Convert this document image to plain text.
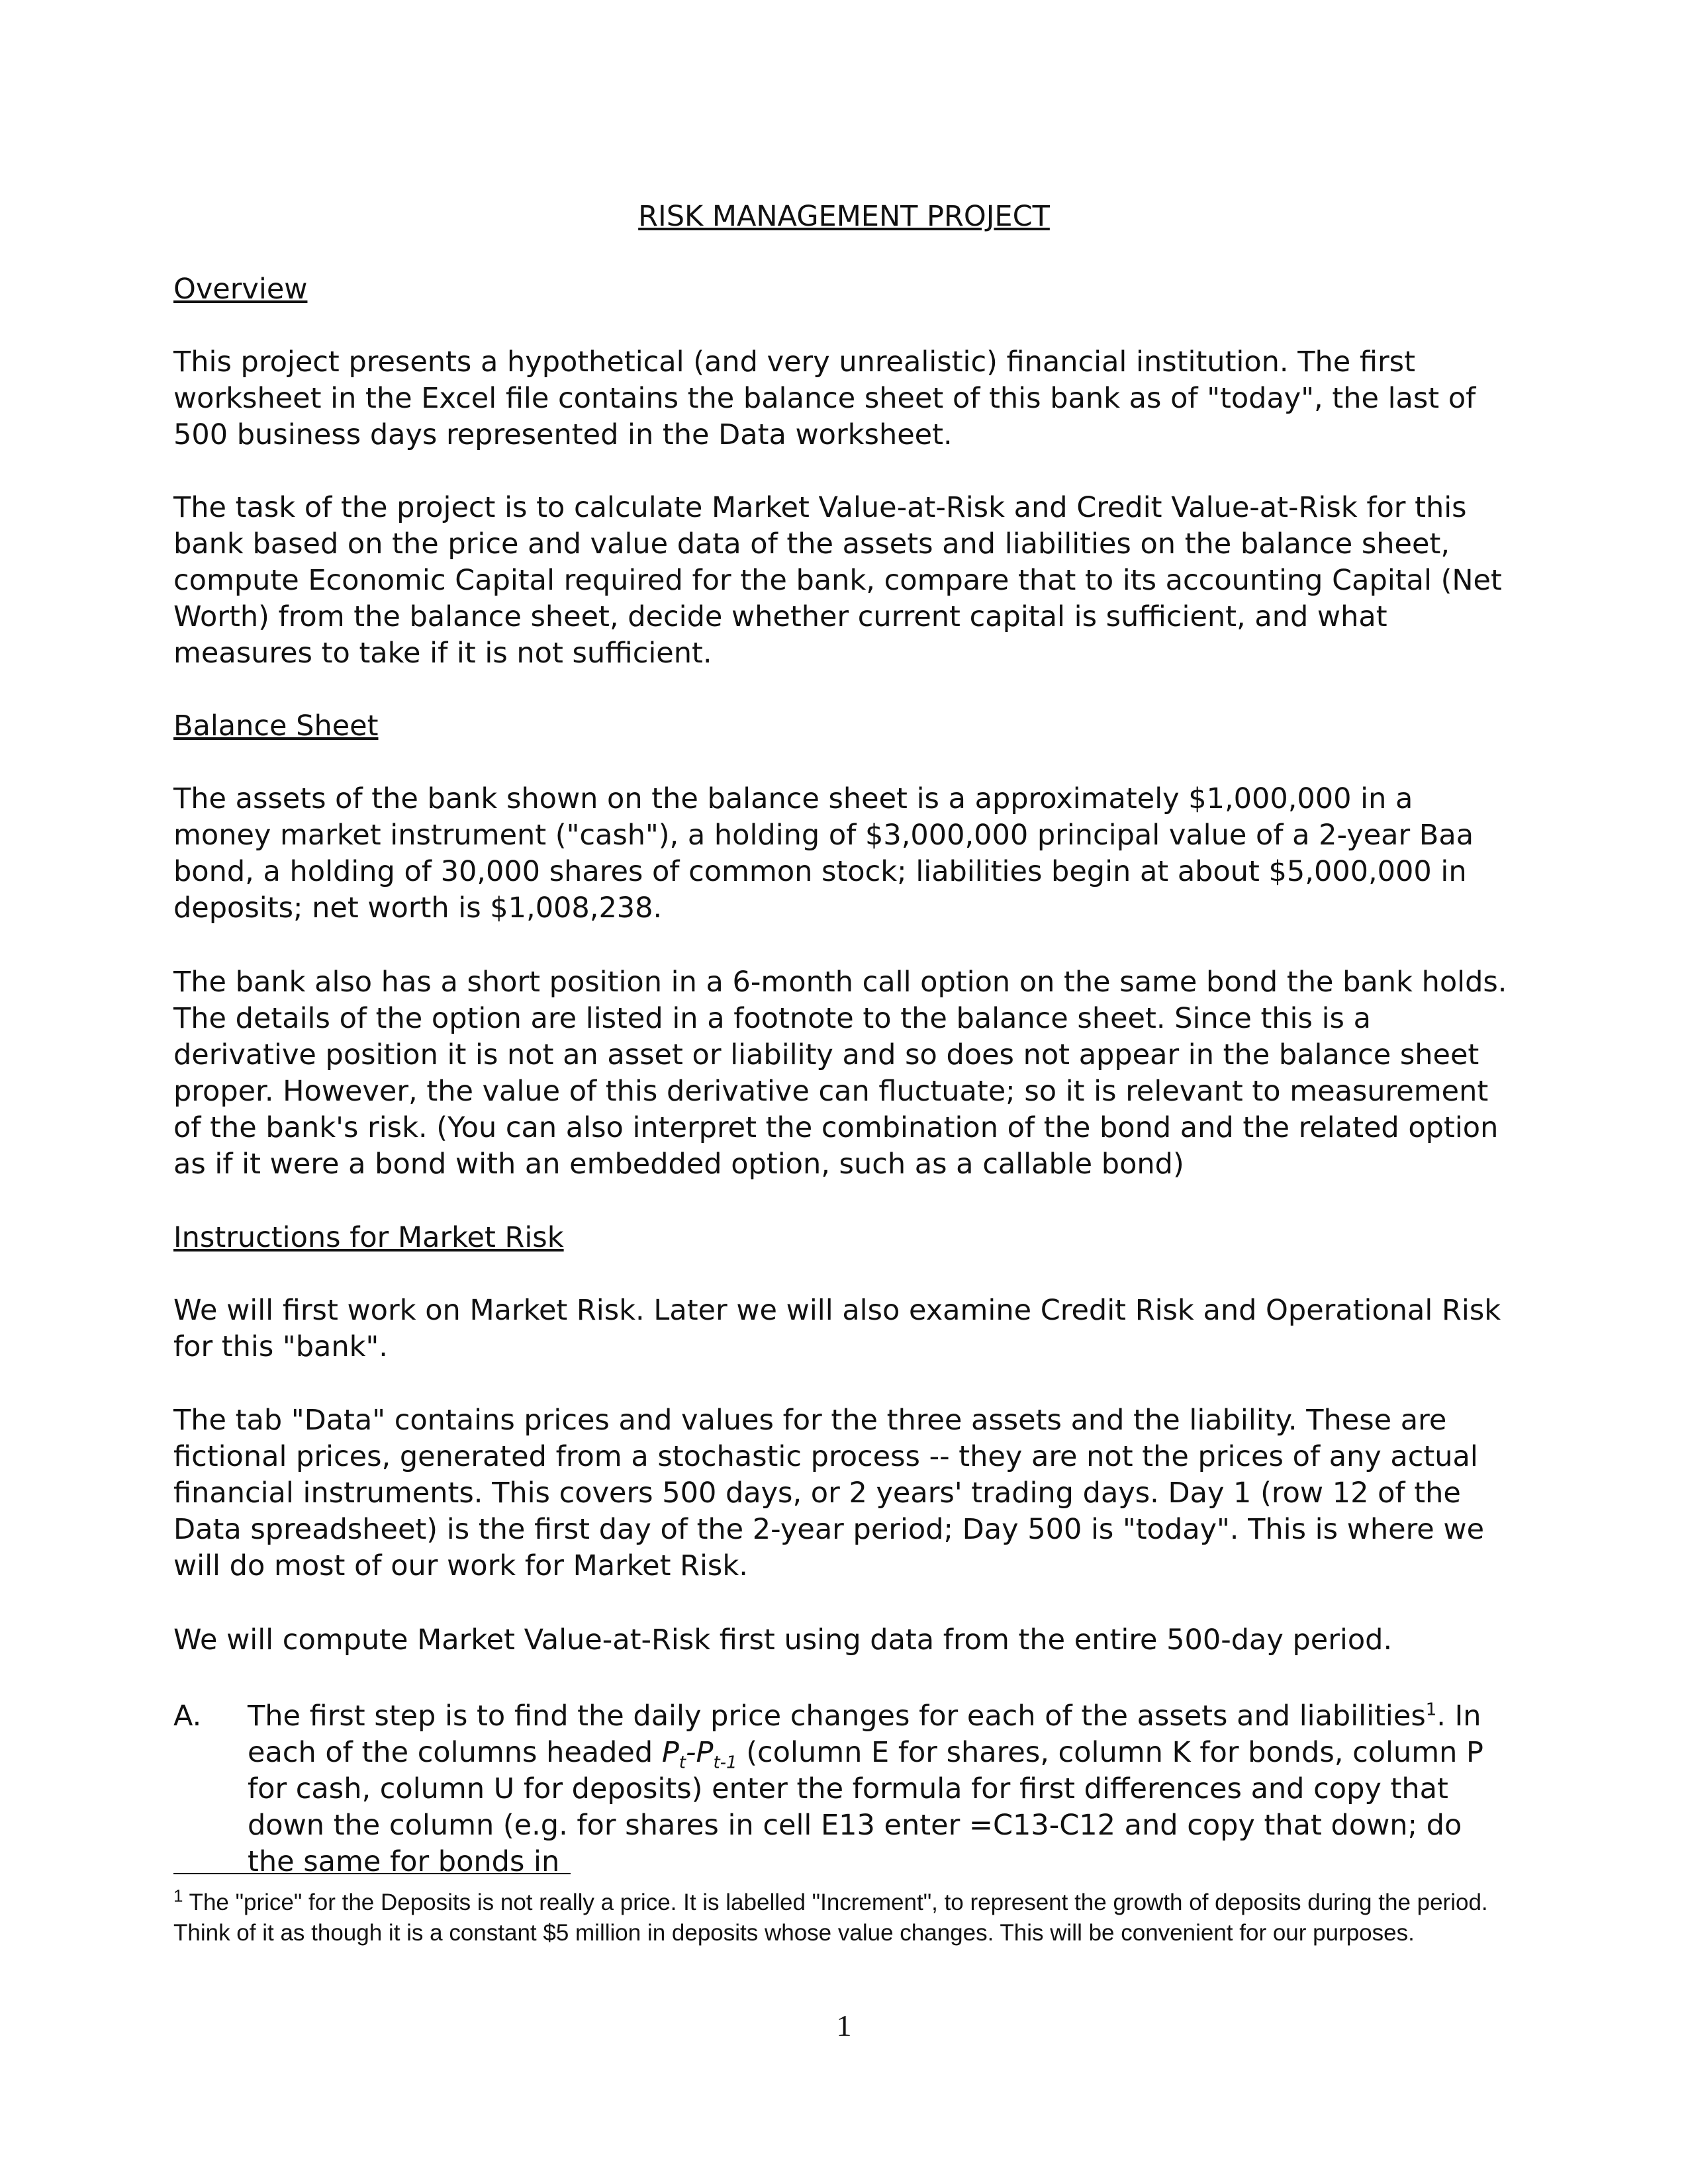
RISK MANAGEMENT PROJECT
Overview

This project presents a hypothetical (and very unrealistic) financial institution. The first worksheet in the Excel file contains the balance sheet of this bank as of "today", the last of 500 business days represented in the Data worksheet.

The task of the project is to calculate Market Value-at-Risk and Credit Value-at-Risk for this bank based on the price and value data of the assets and liabilities on the balance sheet, compute Economic Capital required for the bank, compare that to its accounting Capital (Net Worth) from the balance sheet, decide whether current capital is sufficient, and what measures to take if it is not sufficient.

Balance Sheet

The assets of the bank shown on the balance sheet is a approximately $1,000,000 in a money market instrument ("cash"), a holding of $3,000,000 principal value of a 2-year Baa bond, a holding of 30,000 shares of common stock; liabilities begin at about $5,000,000 in deposits; net worth is $1,008,238.

The bank also has a short position in a 6-month call option on the same bond the bank holds. The details of the option are listed in a footnote to the balance sheet. Since this is a derivative position it is not an asset or liability and so does not appear in the balance sheet proper. However, the value of this derivative can fluctuate; so it is relevant to measurement of the bank's risk. (You can also interpret the combination of the bond and the related option as if it were a bond with an embedded option, such as a callable bond)

Instructions for Market Risk

We will first work on Market Risk. Later we will also examine Credit Risk and Operational Risk for this "bank".

The tab "Data" contains prices and values for the three assets and the liability. These are fictional prices, generated from a stochastic process -- they are not the prices of any actual financial instruments. This covers 500 days, or 2 years' trading days. Day 1 (row 12 of the Data spreadsheet) is the first day of the 2-year period; Day 500 is "today". This is where we will do most of our work for Market Risk.

We will compute Market Value-at-Risk first using data from the entire 500-day period.

A. The first step is to find the daily price changes for each of the assets and liabilities$^1$. In each of the columns headed $P_t-P_{t-1}$ (column E for shares, column K for bonds, column P for cash, column U for deposits) enter the formula for first differences and copy that down the column (e.g. for shares in cell E13 enter =C13-C12 and copy that down; do the same for bonds in
$^1$ The "price" for the Deposits is not really a price. It is labelled "Increment", to represent the growth of deposits during the period. Think of it as though it is a constant $5 million in deposits whose value changes. This will be convenient for our purposes.
1
